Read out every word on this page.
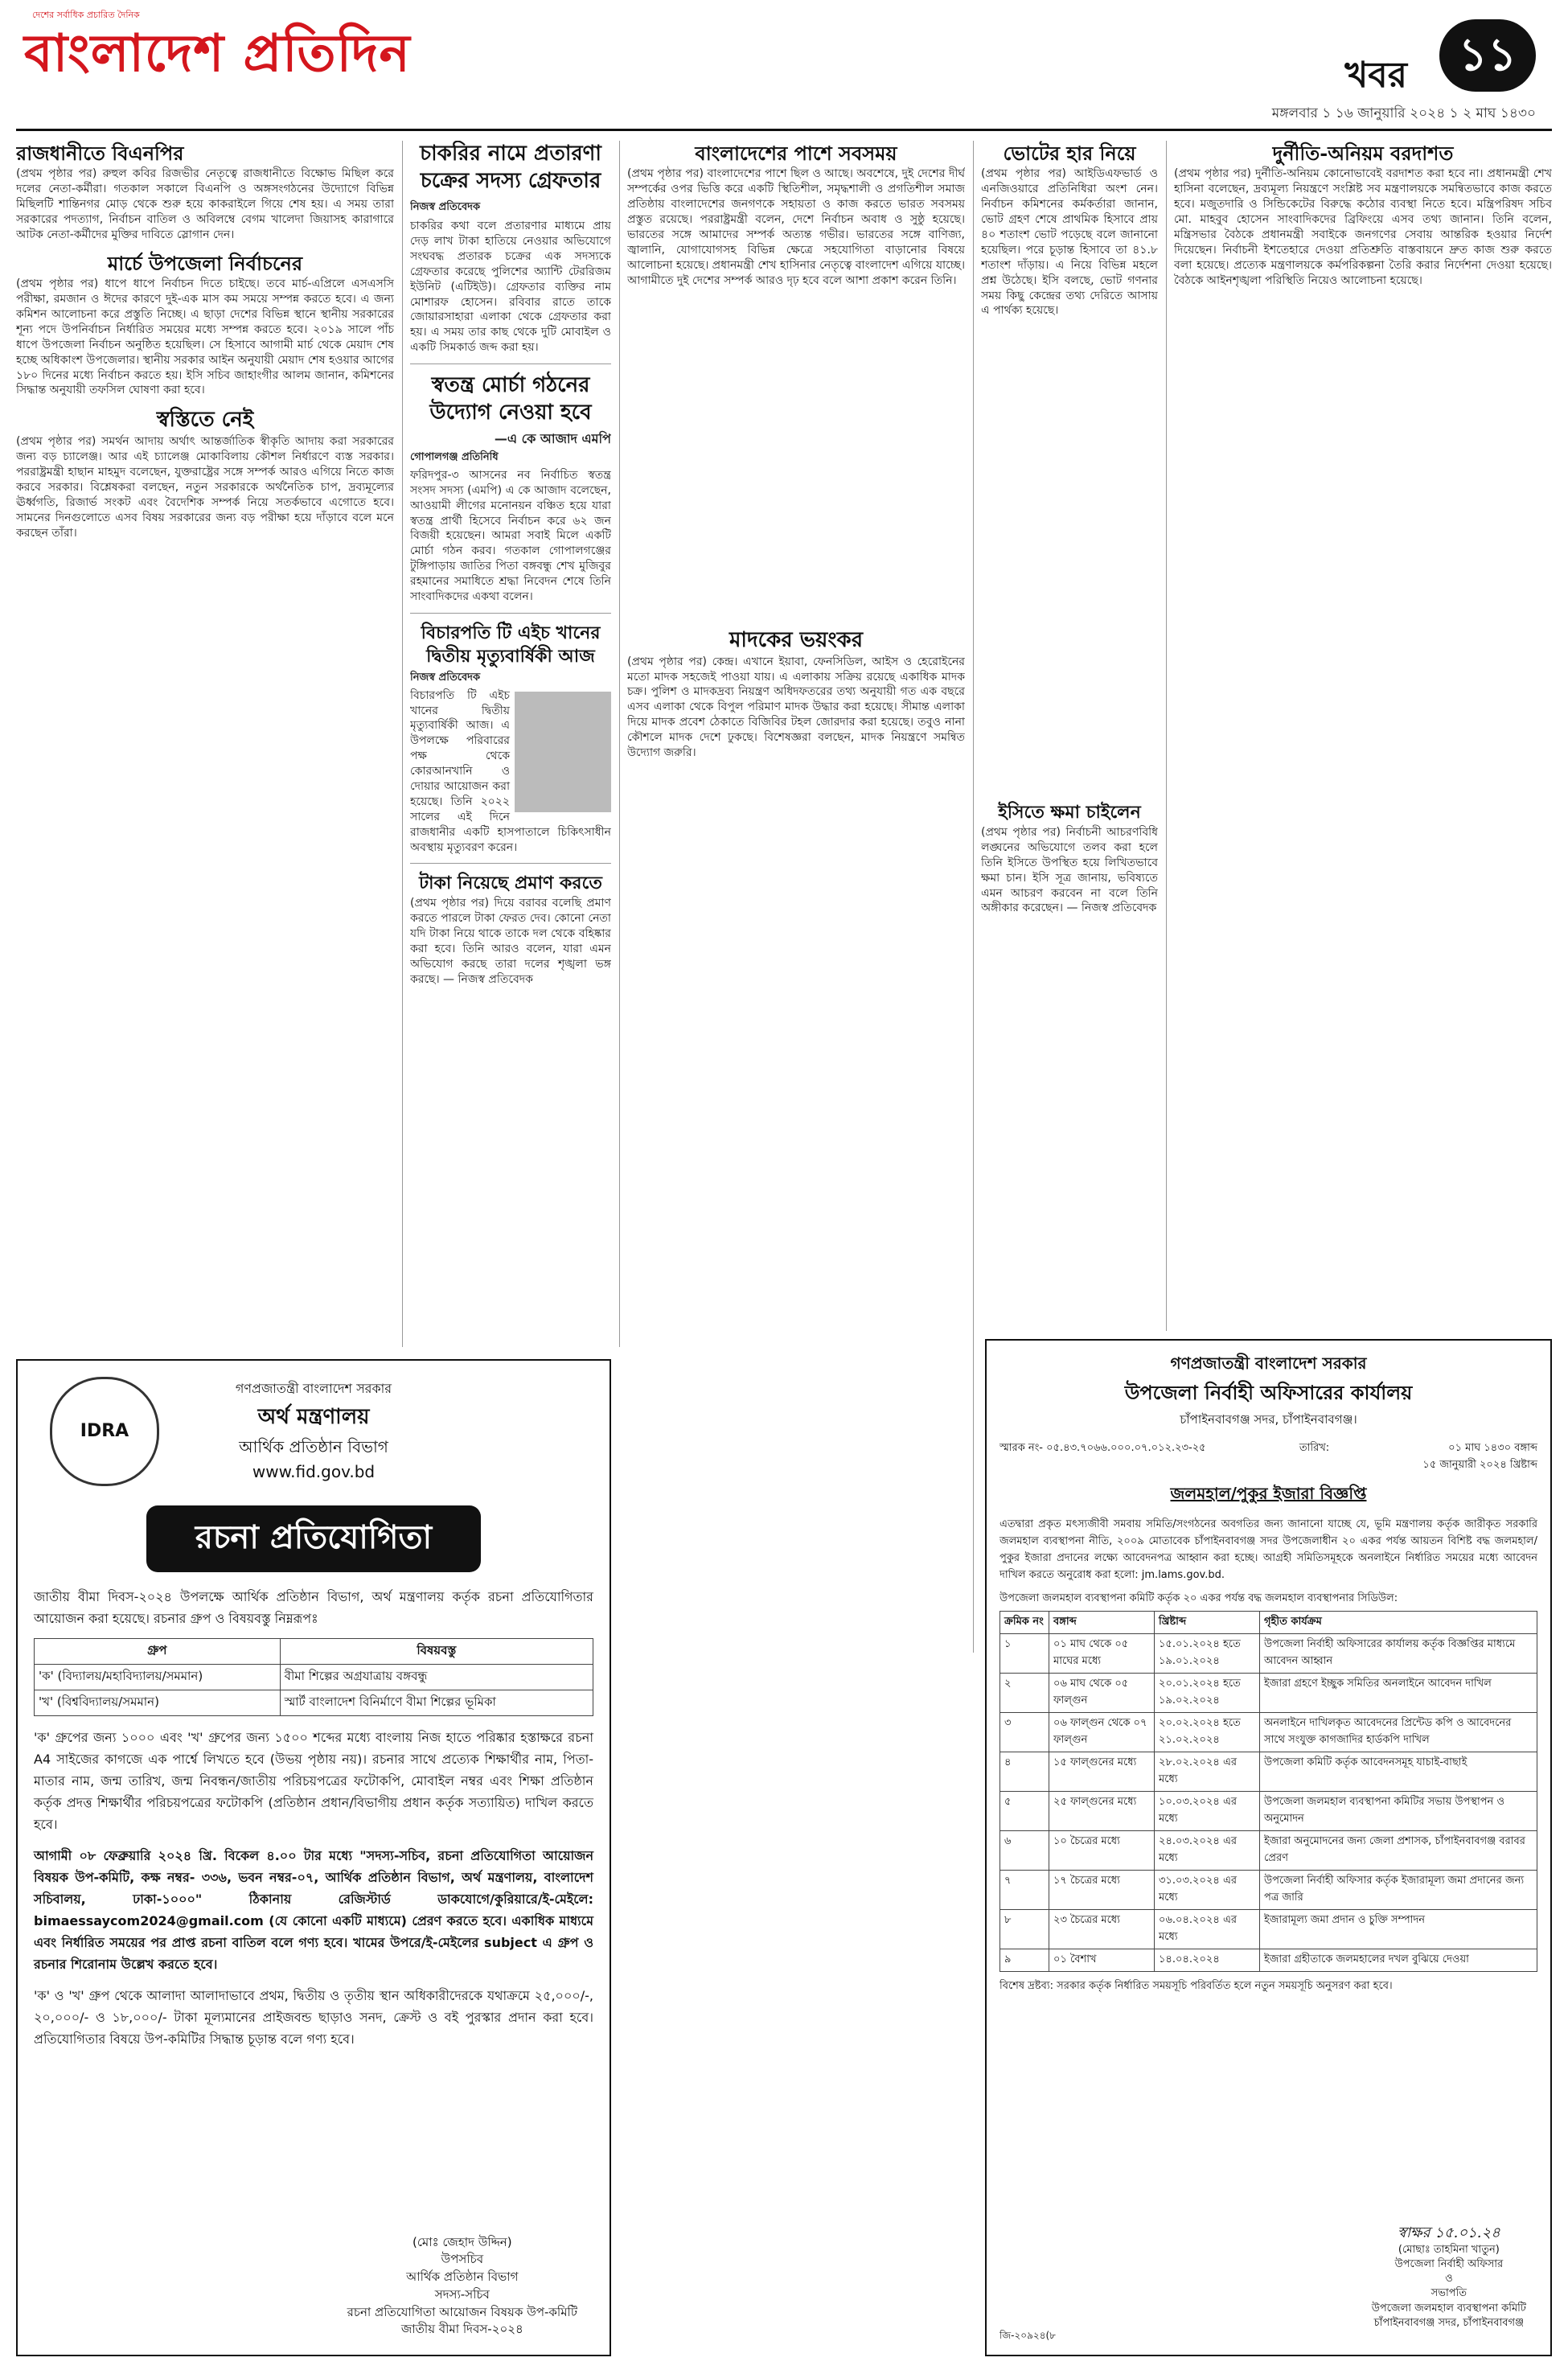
দেশের সর্বাধিক প্রচারিত দৈনিক
বাংলাদেশ প্রতিদিন	খবর	১১
মঙ্গলবার ১ ১৬ জানুয়ারি ২০২৪ ১ ২ মাঘ ১৪৩০
রাজধানীতে বিএনপির

(প্রথম পৃষ্ঠার পর) রুহুল কবির রিজভীর নেতৃত্বে রাজধানীতে বিক্ষোভ মিছিল করে দলের নেতা-কর্মীরা। গতকাল সকালে বিএনপি ও অঙ্গসংগঠনের উদ্যোগে বিভিন্ন মিছিলটি শান্তিনগর মোড় থেকে শুরু হয়ে কাকরাইলে গিয়ে শেষ হয়। এ সময় তারা সরকারের পদত্যাগ, নির্বাচন বাতিল ও অবিলম্বে বেগম খালেদা জিয়াসহ কারাগারে আটক নেতা-কর্মীদের মুক্তির দাবিতে স্লোগান দেন।

মার্চে উপজেলা নির্বাচনের

(প্রথম পৃষ্ঠার পর) ধাপে ধাপে নির্বাচন দিতে চাইছে। তবে মার্চ-এপ্রিলে এসএসসি পরীক্ষা, রমজান ও ঈদের কারণে দুই-এক মাস কম সময়ে সম্পন্ন করতে হবে। এ জন্য কমিশন আলোচনা করে প্রস্তুতি নিচ্ছে। এ ছাড়া দেশের বিভিন্ন স্থানে স্থানীয় সরকারের শূন্য পদে উপনির্বাচন নির্ধারিত সময়ের মধ্যে সম্পন্ন করতে হবে। ২০১৯ সালে পাঁচ ধাপে উপজেলা নির্বাচন অনুষ্ঠিত হয়েছিল। সে হিসাবে আগামী মার্চ থেকে মেয়াদ শেষ হচ্ছে অধিকাংশ উপজেলার। স্থানীয় সরকার আইন অনুযায়ী মেয়াদ শেষ হওয়ার আগের ১৮০ দিনের মধ্যে নির্বাচন করতে হয়। ইসি সচিব জাহাংগীর আলম জানান, কমিশনের সিদ্ধান্ত অনুযায়ী তফসিল ঘোষণা করা হবে।

স্বস্তিতে নেই

(প্রথম পৃষ্ঠার পর) সমর্থন আদায় অর্থাৎ আন্তর্জাতিক স্বীকৃতি আদায় করা সরকারের জন্য বড় চ্যালেঞ্জ। আর এই চ্যালেঞ্জ মোকাবিলায় কৌশল নির্ধারণে ব্যস্ত সরকার। পররাষ্ট্রমন্ত্রী হাছান মাহমুদ বলেছেন, যুক্তরাষ্ট্রের সঙ্গে সম্পর্ক আরও এগিয়ে নিতে কাজ করবে সরকার। বিশ্লেষকরা বলছেন, নতুন সরকারকে অর্থনৈতিক চাপ, দ্রব্যমূল্যের ঊর্ধ্বগতি, রিজার্ভ সংকট এবং বৈদেশিক সম্পর্ক নিয়ে সতর্কভাবে এগোতে হবে। সামনের দিনগুলোতে এসব বিষয় সরকারের জন্য বড় পরীক্ষা হয়ে দাঁড়াবে বলে মনে করছেন তাঁরা।

চাকরির নামে প্রতারণা চক্রের সদস্য গ্রেফতার
নিজস্ব প্রতিবেদক

চাকরির কথা বলে প্রতারণার মাধ্যমে প্রায় দেড় লাখ টাকা হাতিয়ে নেওয়ার অভিযোগে সংঘবদ্ধ প্রতারক চক্রের এক সদস্যকে গ্রেফতার করেছে পুলিশের অ্যান্টি টেররিজম ইউনিট (এটিইউ)। গ্রেফতার ব্যক্তির নাম মোশারফ হোসেন। রবিবার রাতে তাকে জোয়ারসাহারা এলাকা থেকে গ্রেফতার করা হয়। এ সময় তার কাছ থেকে দুটি মোবাইল ও একটি সিমকার্ড জব্দ করা হয়।

স্বতন্ত্র মোর্চা গঠনের উদ্যোগ নেওয়া হবে
—এ কে আজাদ এমপি
গোপালগঞ্জ প্রতিনিধি

ফরিদপুর-৩ আসনের নব নির্বাচিত স্বতন্ত্র সংসদ সদস্য (এমপি) এ কে আজাদ বলেছেন, আওয়ামী লীগের মনোনয়ন বঞ্চিত হয়ে যারা স্বতন্ত্র প্রার্থী হিসেবে নির্বাচন করে ৬২ জন বিজয়ী হয়েছেন। আমরা সবাই মিলে একটি মোর্চা গঠন করব। গতকাল গোপালগঞ্জের টুঙ্গিপাড়ায় জাতির পিতা বঙ্গবন্ধু শেখ মুজিবুর রহমানের সমাধিতে শ্রদ্ধা নিবেদন শেষে তিনি সাংবাদিকদের একথা বলেন।

বিচারপতি টি এইচ খানের দ্বিতীয় মৃত্যুবার্ষিকী আজ
নিজস্ব প্রতিবেদক

বিচারপতি টি এইচ খানের দ্বিতীয় মৃত্যুবার্ষিকী আজ। এ উপলক্ষে পরিবারের পক্ষ থেকে কোরআনখানি ও দোয়ার আয়োজন করা হয়েছে। তিনি ২০২২ সালের এই দিনে রাজধানীর একটি হাসপাতালে চিকিৎসাধীন অবস্থায় মৃত্যুবরণ করেন।

টাকা নিয়েছে প্রমাণ করতে

(প্রথম পৃষ্ঠার পর) দিয়ে বরাবর বলেছি প্রমাণ করতে পারলে টাকা ফেরত দেব। কোনো নেতা যদি টাকা নিয়ে থাকে তাকে দল থেকে বহিষ্কার করা হবে। তিনি আরও বলেন, যারা এমন অভিযোগ করছে তারা দলের শৃঙ্খলা ভঙ্গ করছে। — নিজস্ব প্রতিবেদক

বাংলাদেশের পাশে সবসময়

(প্রথম পৃষ্ঠার পর) বাংলাদেশের পাশে ছিল ও আছে। অবশেষে, দুই দেশের দীর্ঘ সম্পর্কের ওপর ভিত্তি করে একটি স্থিতিশীল, সমৃদ্ধশালী ও প্রগতিশীল সমাজ প্রতিষ্ঠায় বাংলাদেশের জনগণকে সহায়তা ও কাজ করতে ভারত সবসময় প্রস্তুত রয়েছে। পররাষ্ট্রমন্ত্রী বলেন, দেশে নির্বাচন অবাধ ও সুষ্ঠু হয়েছে। ভারতের সঙ্গে আমাদের সম্পর্ক অত্যন্ত গভীর। ভারতের সঙ্গে বাণিজ্য, জ্বালানি, যোগাযোগসহ বিভিন্ন ক্ষেত্রে সহযোগিতা বাড়ানোর বিষয়ে আলোচনা হয়েছে। প্রধানমন্ত্রী শেখ হাসিনার নেতৃত্বে বাংলাদেশ এগিয়ে যাচ্ছে। আগামীতে দুই দেশের সম্পর্ক আরও দৃঢ় হবে বলে আশা প্রকাশ করেন তিনি।

মাদকের ভয়ংকর

(প্রথম পৃষ্ঠার পর) কেন্দ্র। এখানে ইয়াবা, ফেনসিডিল, আইস ও হেরোইনের মতো মাদক সহজেই পাওয়া যায়। এ এলাকায় সক্রিয় রয়েছে একাধিক মাদক চক্র। পুলিশ ও মাদকদ্রব্য নিয়ন্ত্রণ অধিদফতরের তথ্য অনুযায়ী গত এক বছরে এসব এলাকা থেকে বিপুল পরিমাণ মাদক উদ্ধার করা হয়েছে। সীমান্ত এলাকা দিয়ে মাদক প্রবেশ ঠেকাতে বিজিবির টহল জোরদার করা হয়েছে। তবুও নানা কৌশলে মাদক দেশে ঢুকছে। বিশেষজ্ঞরা বলছেন, মাদক নিয়ন্ত্রণে সমন্বিত উদ্যোগ জরুরি।

ভোটের হার নিয়ে

(প্রথম পৃষ্ঠার পর) আইডিএফভার্ড ও এনজিওয়ারে প্রতিনিধিরা অংশ নেন। নির্বাচন কমিশনের কর্মকর্তারা জানান, ভোট গ্রহণ শেষে প্রাথমিক হিসাবে প্রায় ৪০ শতাংশ ভোট পড়েছে বলে জানানো হয়েছিল। পরে চূড়ান্ত হিসাবে তা ৪১.৮ শতাংশ দাঁড়ায়। এ নিয়ে বিভিন্ন মহলে প্রশ্ন উঠেছে। ইসি বলছে, ভোট গণনার সময় কিছু কেন্দ্রের তথ্য দেরিতে আসায় এ পার্থক্য হয়েছে।

ইসিতে ক্ষমা চাইলেন

(প্রথম পৃষ্ঠার পর) নির্বাচনী আচরণবিধি লঙ্ঘনের অভিযোগে তলব করা হলে তিনি ইসিতে উপস্থিত হয়ে লিখিতভাবে ক্ষমা চান। ইসি সূত্র জানায়, ভবিষ্যতে এমন আচরণ করবেন না বলে তিনি অঙ্গীকার করেছেন। — নিজস্ব প্রতিবেদক

দুর্নীতি-অনিয়ম বরদাশত

(প্রথম পৃষ্ঠার পর) দুর্নীতি-অনিয়ম কোনোভাবেই বরদাশত করা হবে না। প্রধানমন্ত্রী শেখ হাসিনা বলেছেন, দ্রব্যমূল্য নিয়ন্ত্রণে সংশ্লিষ্ট সব মন্ত্রণালয়কে সমন্বিতভাবে কাজ করতে হবে। মজুতদারি ও সিন্ডিকেটের বিরুদ্ধে কঠোর ব্যবস্থা নিতে হবে। মন্ত্রিপরিষদ সচিব মো. মাহবুব হোসেন সাংবাদিকদের ব্রিফিংয়ে এসব তথ্য জানান। তিনি বলেন, মন্ত্রিসভার বৈঠকে প্রধানমন্ত্রী সবাইকে জনগণের সেবায় আন্তরিক হওয়ার নির্দেশ দিয়েছেন। নির্বাচনী ইশতেহারে দেওয়া প্রতিশ্রুতি বাস্তবায়নে দ্রুত কাজ শুরু করতে বলা হয়েছে। প্রত্যেক মন্ত্রণালয়কে কর্মপরিকল্পনা তৈরি করার নির্দেশনা দেওয়া হয়েছে। বৈঠকে আইনশৃঙ্খলা পরিস্থিতি নিয়েও আলোচনা হয়েছে।

IDRA
গণপ্রজাতন্ত্রী বাংলাদেশ সরকার
অর্থ মন্ত্রণালয়
আর্থিক প্রতিষ্ঠান বিভাগ
www.fid.gov.bd
রচনা প্রতিযোগিতা
জাতীয় বীমা দিবস-২০২৪ উপলক্ষে আর্থিক প্রতিষ্ঠান বিভাগ, অর্থ মন্ত্রণালয় কর্তৃক রচনা প্রতিযোগিতার আয়োজন করা হয়েছে। রচনার গ্রুপ ও বিষয়বস্তু নিম্নরূপঃ
গ্রুপ	বিষয়বস্তু
'ক' (বিদ্যালয়/মহাবিদ্যালয়/সমমান)	বীমা শিল্পের অগ্রযাত্রায় বঙ্গবন্ধু
'খ' (বিশ্ববিদ্যালয়/সমমান)	স্মার্ট বাংলাদেশ বিনির্মাণে বীমা শিল্পের ভূমিকা

'ক' গ্রুপের জন্য ১০০০ এবং 'খ' গ্রুপের জন্য ১৫০০ শব্দের মধ্যে বাংলায় নিজ হাতে পরিষ্কার হস্তাক্ষরে রচনা A4 সাইজের কাগজে এক পার্শ্বে লিখতে হবে (উভয় পৃষ্ঠায় নয়)। রচনার সাথে প্রত্যেক শিক্ষার্থীর নাম, পিতা-মাতার নাম, জন্ম তারিখ, জন্ম নিবন্ধন/জাতীয় পরিচয়পত্রের ফটোকপি, মোবাইল নম্বর এবং শিক্ষা প্রতিষ্ঠান কর্তৃক প্রদত্ত শিক্ষার্থীর পরিচয়পত্রের ফটোকপি (প্রতিষ্ঠান প্রধান/বিভাগীয় প্রধান কর্তৃক সত্যায়িত) দাখিল করতে হবে।

আগামী ০৮ ফেব্রুয়ারি ২০২৪ খ্রি. বিকেল ৪.০০ টার মধ্যে "সদস্য-সচিব, রচনা প্রতিযোগিতা আয়োজন বিষয়ক উপ-কমিটি, কক্ষ নম্বর- ৩৩৬, ভবন নম্বর-০৭, আর্থিক প্রতিষ্ঠান বিভাগ, অর্থ মন্ত্রণালয়, বাংলাদেশ সচিবালয়, ঢাকা-১০০০" ঠিকানায় রেজিস্টার্ড ডাকযোগে/কুরিয়ারে/ই-মেইলে: bimaessaycom2024@gmail.com (যে কোনো একটি মাধ্যমে) প্রেরণ করতে হবে। একাধিক মাধ্যমে এবং নির্ধারিত সময়ের পর প্রাপ্ত রচনা বাতিল বলে গণ্য হবে। খামের উপরে/ই-মেইলের subject এ গ্রুপ ও রচনার শিরোনাম উল্লেখ করতে হবে।

'ক' ও 'খ' গ্রুপ থেকে আলাদা আলাদাভাবে প্রথম, দ্বিতীয় ও তৃতীয় স্থান অধিকারীদেরকে যথাক্রমে ২৫,০০০/-, ২০,০০০/- ও ১৮,০০০/- টাকা মূল্যমানের প্রাইজবন্ড ছাড়াও সনদ, ক্রেস্ট ও বই পুরস্কার প্রদান করা হবে। প্রতিযোগিতার বিষয়ে উপ-কমিটির সিদ্ধান্ত চূড়ান্ত বলে গণ্য হবে।

(মোঃ জেহাদ উদ্দিন)
উপসচিব
আর্থিক প্রতিষ্ঠান বিভাগ
সদস্য-সচিব
রচনা প্রতিযোগিতা আয়োজন বিষয়ক উপ-কমিটি
জাতীয় বীমা দিবস-২০২৪
গণপ্রজাতন্ত্রী বাংলাদেশ সরকার
উপজেলা নির্বাহী অফিসারের কার্যালয়
চাঁপাইনবাবগঞ্জ সদর, চাঁপাইনবাবগঞ্জ।
স্মারক নং- ০৫.৪৩.৭০৬৬.০০০.০৭.০১২.২৩-২৫	তারিখ:	০১ মাঘ ১৪৩০ বঙ্গাব্দ
১৫ জানুয়ারী ২০২৪ খ্রিষ্টাব্দ
জলমহাল/পুকুর ইজারা বিজ্ঞপ্তি

এতদ্বারা প্রকৃত মৎস্যজীবী সমবায় সমিতি/সংগঠনের অবগতির জন্য জানানো যাচ্ছে যে, ভূমি মন্ত্রণালয় কর্তৃক জারীকৃত সরকারি জলমহাল ব্যবস্থাপনা নীতি, ২০০৯ মোতাবেক চাঁপাইনবাবগঞ্জ সদর উপজেলাধীন ২০ একর পর্যন্ত আয়তন বিশিষ্ট বদ্ধ জলমহাল/পুকুর ইজারা প্রদানের লক্ষ্যে আবেদনপত্র আহ্বান করা হচ্ছে। আগ্রহী সমিতিসমূহকে অনলাইনে নির্ধারিত সময়ের মধ্যে আবেদন দাখিল করতে অনুরোধ করা হলো: jm.lams.gov.bd.

উপজেলা জলমহাল ব্যবস্থাপনা কমিটি কর্তৃক ২০ একর পর্যন্ত বদ্ধ জলমহাল ব্যবস্থাপনার সিডিউল:
ক্রমিক নং	বঙ্গাব্দ	খ্রিষ্টাব্দ	গৃহীত কার্যক্রম
১	০১ মাঘ থেকে ০৫ মাঘের মধ্যে	১৫.০১.২০২৪ হতে ১৯.০১.২০২৪	উপজেলা নির্বাহী অফিসারের কার্যালয় কর্তৃক বিজ্ঞপ্তির মাধ্যমে আবেদন আহ্বান
২	০৬ মাঘ থেকে ০৫ ফাল্গুন	২০.০১.২০২৪ হতে ১৯.০২.২০২৪	ইজারা গ্রহণে ইচ্ছুক সমিতির অনলাইনে আবেদন দাখিল
৩	০৬ ফাল্গুন থেকে ০৭ ফাল্গুন	২০.০২.২০২৪ হতে ২১.০২.২০২৪	অনলাইনে দাখিলকৃত আবেদনের প্রিন্টেড কপি ও আবেদনের সাথে সংযুক্ত কাগজাদির হার্ডকপি দাখিল
৪	১৫ ফাল্গুনের মধ্যে	২৮.০২.২০২৪ এর মধ্যে	উপজেলা কমিটি কর্তৃক আবেদনসমূহ যাচাই-বাছাই
৫	২৫ ফাল্গুনের মধ্যে	১০.০৩.২০২৪ এর মধ্যে	উপজেলা জলমহাল ব্যবস্থাপনা কমিটির সভায় উপস্থাপন ও অনুমোদন
৬	১০ চৈত্রের মধ্যে	২৪.০৩.২০২৪ এর মধ্যে	ইজারা অনুমোদনের জন্য জেলা প্রশাসক, চাঁপাইনবাবগঞ্জ বরাবর প্রেরণ
৭	১৭ চৈত্রের মধ্যে	৩১.০৩.২০২৪ এর মধ্যে	উপজেলা নির্বাহী অফিসার কর্তৃক ইজারামূল্য জমা প্রদানের জন্য পত্র জারি
৮	২৩ চৈত্রের মধ্যে	০৬.০৪.২০২৪ এর মধ্যে	ইজারামূল্য জমা প্রদান ও চুক্তি সম্পাদন
৯	০১ বৈশাখ	১৪.০৪.২০২৪	ইজারা গ্রহীতাকে জলমহালের দখল বুঝিয়ে দেওয়া

বিশেষ দ্রষ্টব্য: সরকার কর্তৃক নির্ধারিত সময়সূচি পরিবর্তিত হলে নতুন সময়সূচি অনুসরণ করা হবে।

স্বাক্ষর ১৫.০১.২৪
(মোছাঃ তাহমিনা খাতুন)
উপজেলা নির্বাহী অফিসার
ও
সভাপতি
উপজেলা জলমহাল ব্যবস্থাপনা কমিটি
চাঁপাইনবাবগঞ্জ সদর, চাঁপাইনবাবগঞ্জ
জি-২০৯২৪(৮
